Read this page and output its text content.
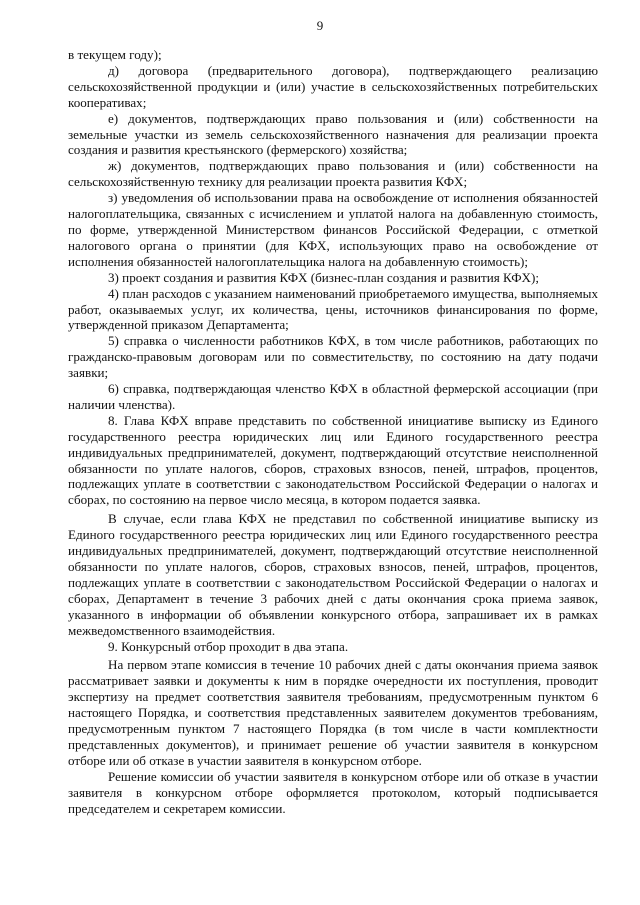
9

в текущем году);

д) договора (предварительного договора), подтверждающего реализацию сельскохозяйственной продукции и (или) участие в сельскохозяйственных потребительских кооперативах;

е) документов, подтверждающих право пользования и (или) собственности на земельные участки из земель сельскохозяйственного назначения для реализации проекта создания и развития крестьянского (фермерского) хозяйства;

ж) документов, подтверждающих право пользования и (или) собственности на сельскохозяйственную технику для реализации проекта развития КФХ;

з) уведомления об использовании права на освобождение от исполнения обязанностей налогоплательщика, связанных с исчислением и уплатой налога на добавленную стоимость, по форме, утвержденной Министерством финансов Российской Федерации, с отметкой налогового органа о принятии (для КФХ, использующих право на освобождение от исполнения обязанностей налогоплательщика налога на добавленную стоимость);

3) проект создания и развития КФХ (бизнес-план создания и развития КФХ);

4) план расходов с указанием наименований приобретаемого имущества, выполняемых работ, оказываемых услуг, их количества, цены, источников финансирования по форме, утвержденной приказом Департамента;

5) справка о численности работников КФХ, в том числе работников, работающих по гражданско-правовым договорам или по совместительству, по состоянию на дату подачи заявки;

6) справка, подтверждающая членство КФХ в областной фермерской ассоциации (при наличии членства).

8. Глава КФХ вправе представить по собственной инициативе выписку из Единого государственного реестра юридических лиц или Единого государственного реестра индивидуальных предпринимателей, документ, подтверждающий отсутствие неисполненной обязанности по уплате налогов, сборов, страховых взносов, пеней, штрафов, процентов, подлежащих уплате в соответствии с законодательством Российской Федерации о налогах и сборах, по состоянию на первое число месяца, в котором подается заявка.

В случае, если глава КФХ не представил по собственной инициативе выписку из Единого государственного реестра юридических лиц или Единого государственного реестра индивидуальных предпринимателей, документ, подтверждающий отсутствие неисполненной обязанности по уплате налогов, сборов, страховых взносов, пеней, штрафов, процентов, подлежащих уплате в соответствии с законодательством Российской Федерации о налогах и сборах, Департамент в течение 3 рабочих дней с даты окончания срока приема заявок, указанного в информации об объявлении конкурсного отбора, запрашивает их в рамках межведомственного взаимодействия.

9. Конкурсный отбор проходит в два этапа.

На первом этапе комиссия в течение 10 рабочих дней с даты окончания приема заявок рассматривает заявки и документы к ним в порядке очередности их поступления, проводит экспертизу на предмет соответствия заявителя требованиям, предусмотренным пунктом 6 настоящего Порядка, и соответствия представленных заявителем документов требованиям, предусмотренным пунктом 7 настоящего Порядка (в том числе в части комплектности представленных документов), и принимает решение об участии заявителя в конкурсном отборе или об отказе в участии заявителя в конкурсном отборе.

Решение комиссии об участии заявителя в конкурсном отборе или об отказе в участии заявителя в конкурсном отборе оформляется протоколом, который подписывается председателем и секретарем комиссии.
